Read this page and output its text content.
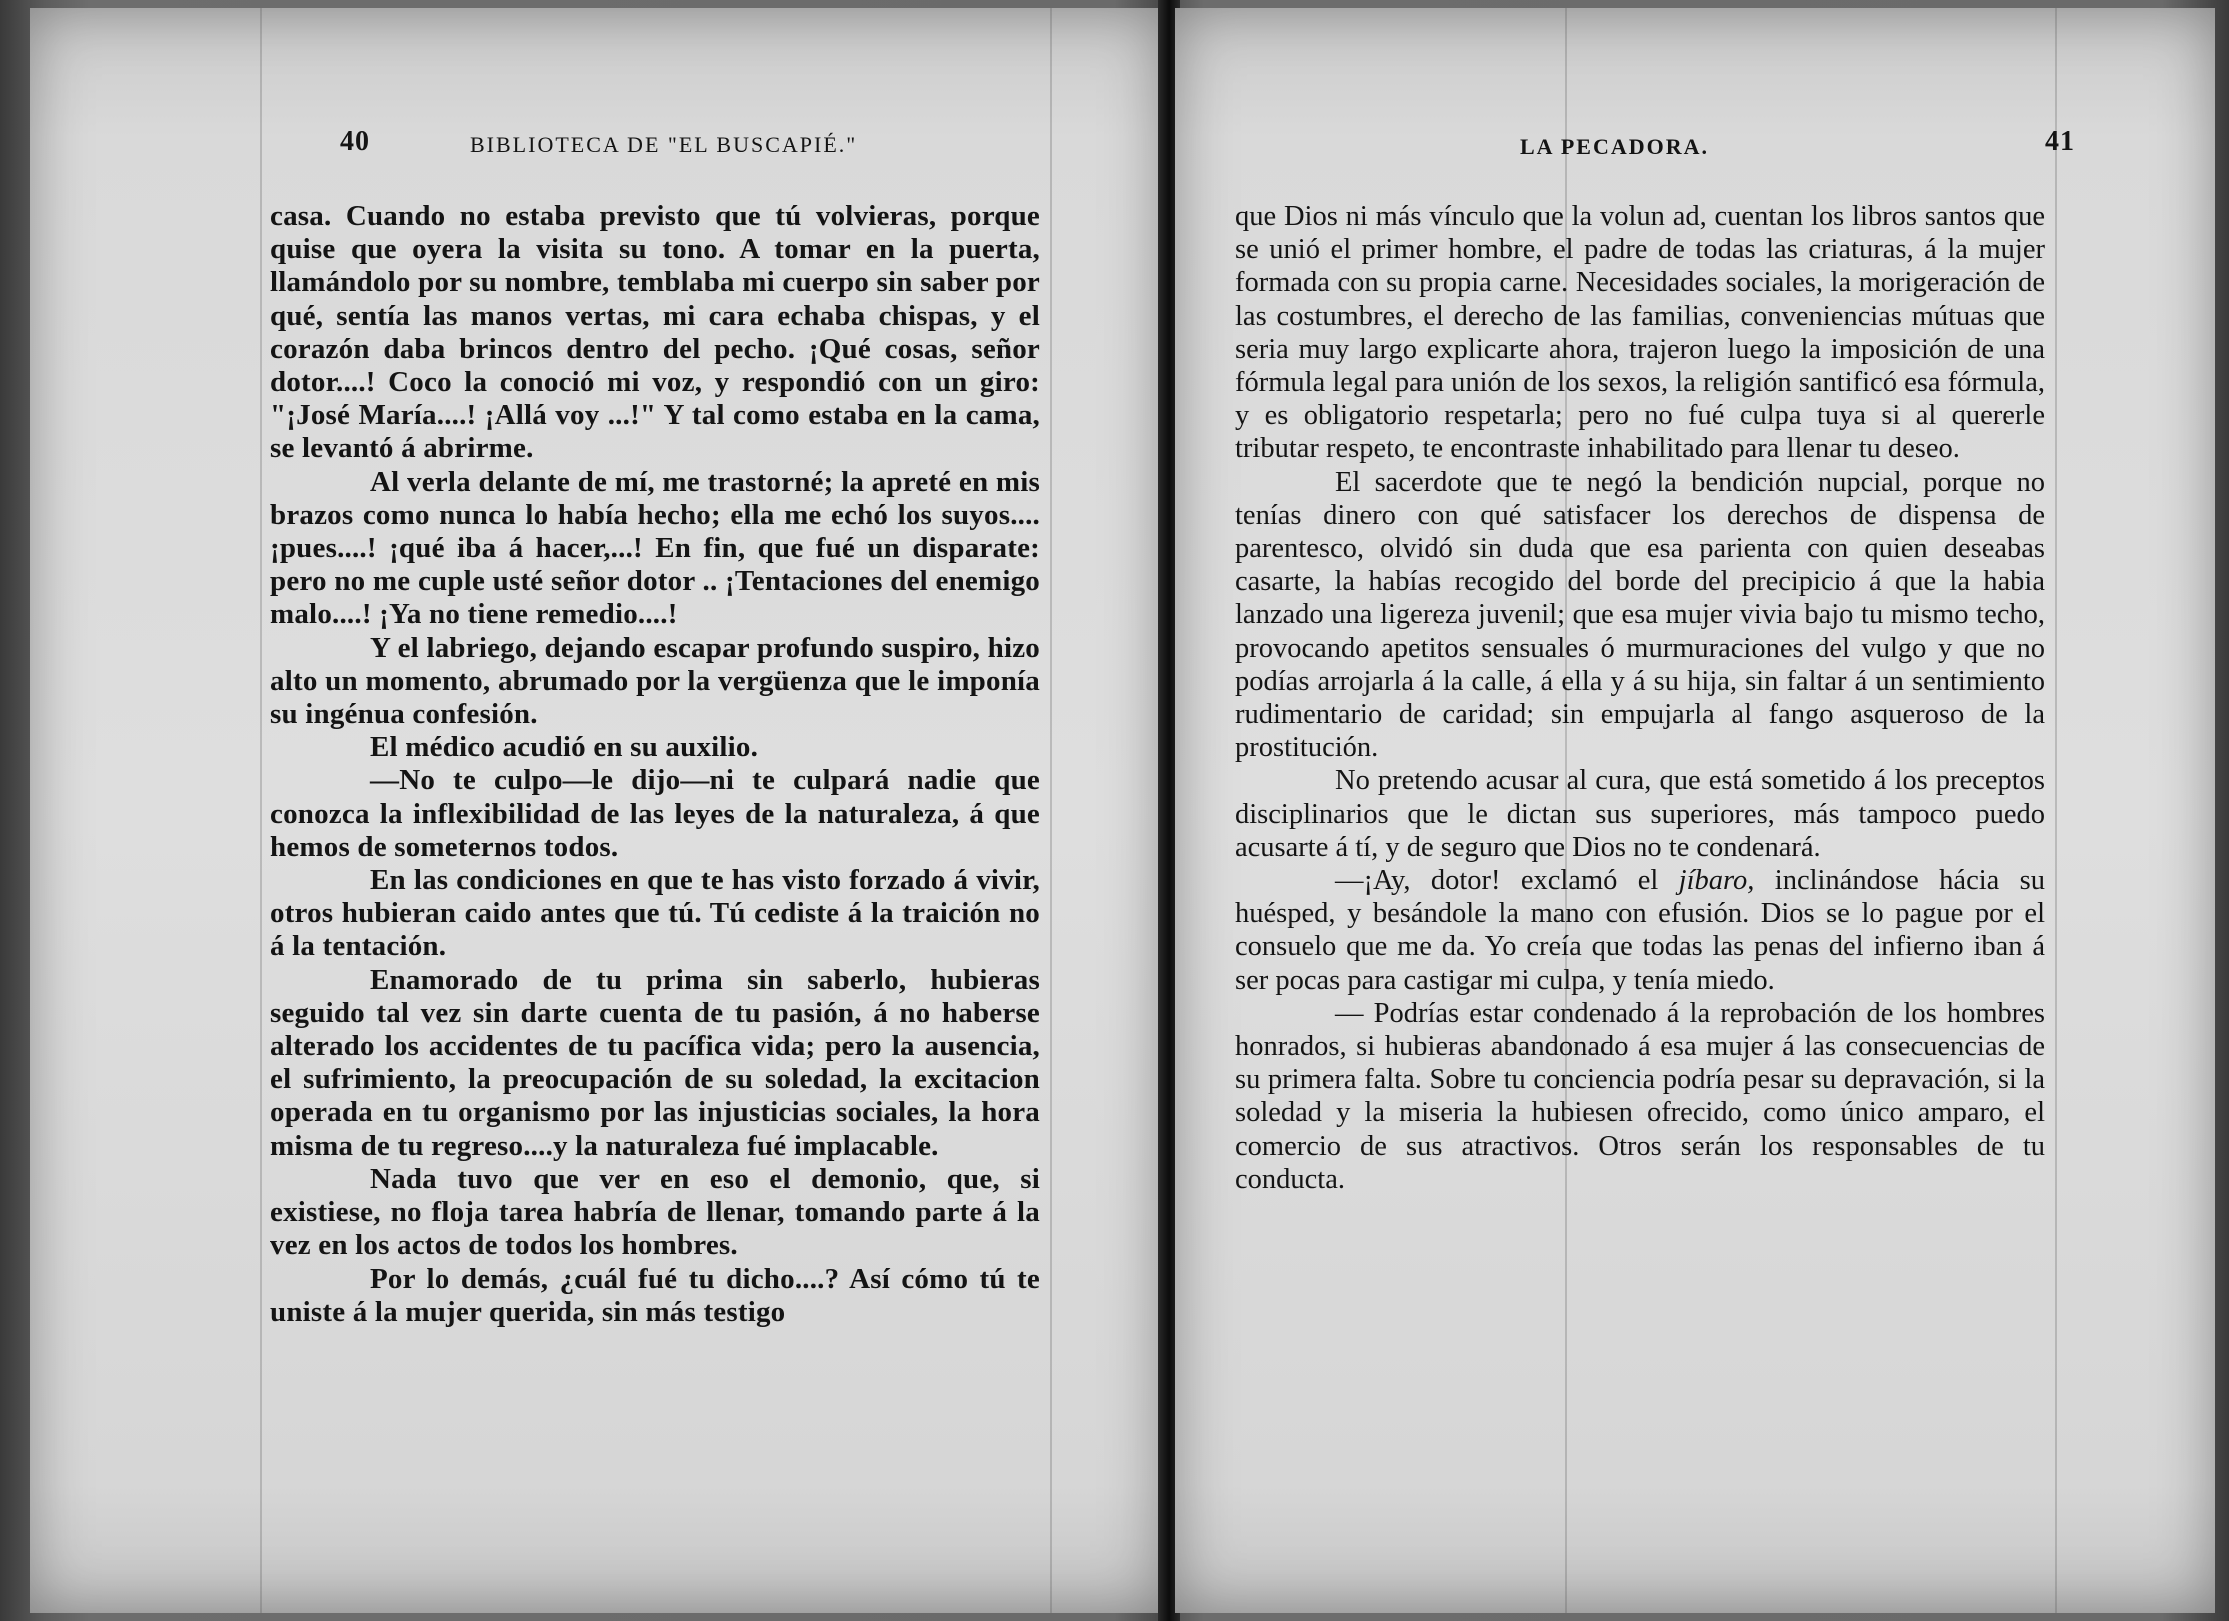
40	BIBLIOTECA DE "EL BUSCAPIÉ."

casa. Cuando no estaba previsto que tú volvieras, porque quise que oyera la visita su tono. A tomar en la puerta, llamándolo por su nombre, temblaba mi cuerpo sin saber por qué, sentía las manos vertas, mi cara echaba chispas, y el corazón daba brincos dentro del pecho. ¡Qué cosas, señor dotor....! Coco la conoció mi voz, y respondió con un giro: "¡José María....! ¡Allá voy ...!" Y tal como estaba en la cama, se levantó á abrirme.

Al verla delante de mí, me trastorné; la apreté en mis brazos como nunca lo había hecho; ella me echó los suyos.... ¡pues....! ¡qué iba á hacer,...! En fin, que fué un disparate: pero no me cuple usté señor dotor .. ¡Tentaciones del enemigo malo....! ¡Ya no tiene remedio....!

Y el labriego, dejando escapar profundo suspiro, hizo alto un momento, abrumado por la vergüenza que le imponía su ingénua confesión.

El médico acudió en su auxilio.

—No te culpo—le dijo—ni te culpará nadie que conozca la inflexibilidad de las leyes de la naturaleza, á que hemos de someternos todos.

En las condiciones en que te has visto forzado á vivir, otros hubieran caido antes que tú. Tú cediste á la traición no á la tentación.

Enamorado de tu prima sin saberlo, hubieras seguido tal vez sin darte cuenta de tu pasión, á no haberse alterado los accidentes de tu pacífica vida; pero la ausencia, el sufrimiento, la preocupación de su soledad, la excitacion operada en tu organismo por las injusticias sociales, la hora misma de tu regreso....y la naturaleza fué implacable.

Nada tuvo que ver en eso el demonio, que, si existiese, no floja tarea habría de llenar, tomando parte á la vez en los actos de todos los hombres.

Por lo demás, ¿cuál fué tu dicho....? Así cómo tú te uniste á la mujer querida, sin más testigo

LA PECADORA.	41

que Dios ni más vínculo que la volun ad, cuentan los libros santos que se unió el primer hombre, el padre de todas las criaturas, á la mujer formada con su propia carne. Necesidades sociales, la morigeración de las costumbres, el derecho de las familias, conveniencias mútuas que seria muy largo explicarte ahora, trajeron luego la imposición de una fórmula legal para unión de los sexos, la religión santificó esa fórmula, y es obligatorio respetarla; pero no fué culpa tuya si al quererle tributar respeto, te encontraste inhabilitado para llenar tu deseo.

El sacerdote que te negó la bendición nupcial, porque no tenías dinero con qué satisfacer los derechos de dispensa de parentesco, olvidó sin duda que esa parienta con quien deseabas casarte, la habías recogido del borde del precipicio á que la habia lanzado una ligereza juvenil; que esa mujer vivia bajo tu mismo techo, provocando apetitos sensuales ó murmuraciones del vulgo y que no podías arrojarla á la calle, á ella y á su hija, sin faltar á un sentimiento rudimentario de caridad; sin empujarla al fango asqueroso de la prostitución.

No pretendo acusar al cura, que está sometido á los preceptos disciplinarios que le dictan sus superiores, más tampoco puedo acusarte á tí, y de seguro que Dios no te condenará.

—¡Ay, dotor! exclamó el jíbaro, inclinándose hácia su huésped, y besándole la mano con efusión. Dios se lo pague por el consuelo que me da. Yo creía que todas las penas del infierno iban á ser pocas para castigar mi culpa, y tenía miedo.

— Podrías estar condenado á la reprobación de los hombres honrados, si hubieras abandonado á esa mujer á las consecuencias de su primera falta. Sobre tu conciencia podría pesar su depravación, si la soledad y la miseria la hubiesen ofrecido, como único amparo, el comercio de sus atractivos. Otros serán los responsables de tu conducta.
